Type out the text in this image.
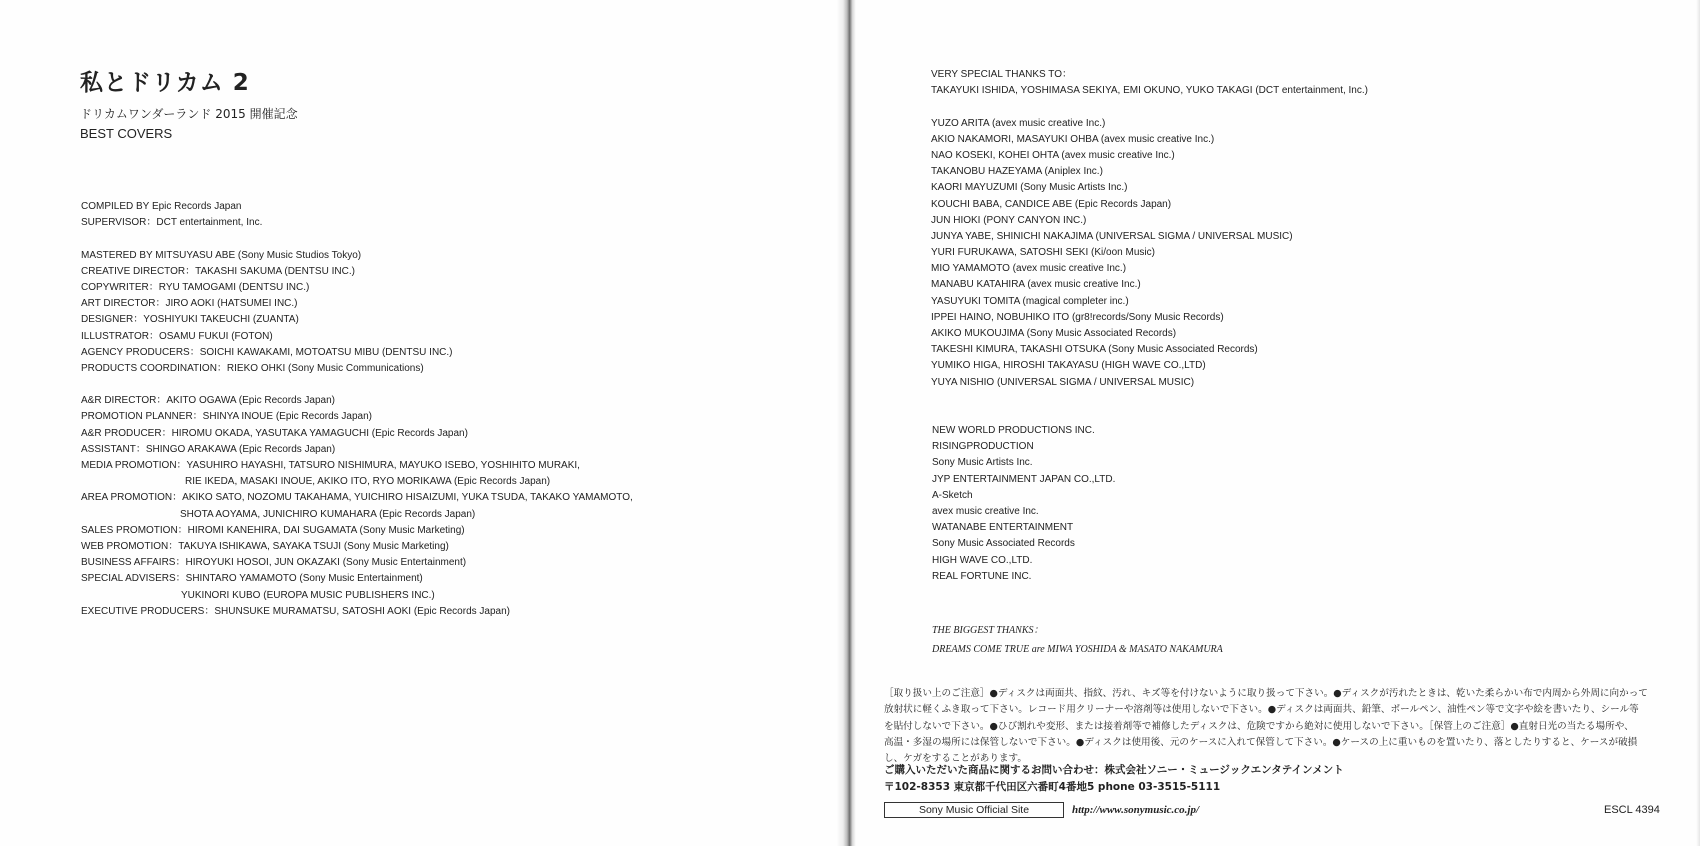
私とドリカム 2
ドリカムワンダーランド 2015 開催記念
BEST COVERS
COMPILED BY Epic Records Japan
SUPERVISOR：DCT entertainment, Inc.
MASTERED BY MITSUYASU ABE (Sony Music Studios Tokyo)
CREATIVE DIRECTOR：TAKASHI SAKUMA (DENTSU INC.)
COPYWRITER：RYU TAMOGAMI (DENTSU INC.)
ART DIRECTOR：JIRO AOKI (HATSUMEI INC.)
DESIGNER：YOSHIYUKI TAKEUCHI (ZUANTA)
ILLUSTRATOR：OSAMU FUKUI (FOTON)
AGENCY PRODUCERS：SOICHI KAWAKAMI, MOTOATSU MIBU (DENTSU INC.)
PRODUCTS COORDINATION：RIEKO OHKI (Sony Music Communications)
A&R DIRECTOR：AKITO OGAWA (Epic Records Japan)
PROMOTION PLANNER：SHINYA INOUE (Epic Records Japan)
A&R PRODUCER：HIROMU OKADA, YASUTAKA YAMAGUCHI (Epic Records Japan)
ASSISTANT：SHINGO ARAKAWA (Epic Records Japan)
MEDIA PROMOTION：YASUHIRO HAYASHI, TATSURO NISHIMURA, MAYUKO ISEBO, YOSHIHITO MURAKI,
RIE IKEDA, MASAKI INOUE, AKIKO ITO, RYO MORIKAWA (Epic Records Japan)
AREA PROMOTION：AKIKO SATO, NOZOMU TAKAHAMA, YUICHIRO HISAIZUMI, YUKA TSUDA, TAKAKO YAMAMOTO,
SHOTA AOYAMA, JUNICHIRO KUMAHARA (Epic Records Japan)
SALES PROMOTION：HIROMI KANEHIRA, DAI SUGAMATA (Sony Music Marketing)
WEB PROMOTION：TAKUYA ISHIKAWA, SAYAKA TSUJI (Sony Music Marketing)
BUSINESS AFFAIRS：HIROYUKI HOSOI, JUN OKAZAKI (Sony Music Entertainment)
SPECIAL ADVISERS：SHINTARO YAMAMOTO (Sony Music Entertainment)
YUKINORI KUBO (EUROPA MUSIC PUBLISHERS INC.)
EXECUTIVE PRODUCERS：SHUNSUKE MURAMATSU, SATOSHI AOKI (Epic Records Japan)
VERY SPECIAL THANKS TO：
TAKAYUKI ISHIDA, YOSHIMASA SEKIYA, EMI OKUNO, YUKO TAKAGI (DCT entertainment, Inc.)
YUZO ARITA (avex music creative Inc.)
AKIO NAKAMORI, MASAYUKI OHBA (avex music creative Inc.)
NAO KOSEKI, KOHEI OHTA (avex music creative Inc.)
TAKANOBU HAZEYAMA (Aniplex Inc.)
KAORI MAYUZUMI (Sony Music Artists Inc.)
KOUCHI BABA, CANDICE ABE (Epic Records Japan)
JUN HIOKI (PONY CANYON INC.)
JUNYA YABE, SHINICHI NAKAJIMA (UNIVERSAL SIGMA / UNIVERSAL MUSIC)
YURI FURUKAWA, SATOSHI SEKI (Ki/oon Music)
MIO YAMAMOTO (avex music creative Inc.)
MANABU KATAHIRA (avex music creative Inc.)
YASUYUKI TOMITA (magical completer inc.)
IPPEI HAINO, NOBUHIKO ITO (gr8!records/Sony Music Records)
AKIKO MUKOUJIMA (Sony Music Associated Records)
TAKESHI KIMURA, TAKASHI OTSUKA (Sony Music Associated Records)
YUMIKO HIGA, HIROSHI TAKAYASU (HIGH WAVE CO.,LTD)
YUYA NISHIO (UNIVERSAL SIGMA / UNIVERSAL MUSIC)
NEW WORLD PRODUCTIONS INC.
RISINGPRODUCTION
Sony Music Artists Inc.
JYP ENTERTAINMENT JAPAN CO.,LTD.
A-Sketch
avex music creative Inc.
WATANABE ENTERTAINMENT
Sony Music Associated Records
HIGH WAVE CO.,LTD.
REAL FORTUNE INC.
THE BIGGEST THANKS：
DREAMS COME TRUE are MIWA YOSHIDA & MASATO NAKAMURA
［取り扱い上のご注意］●ディスクは両面共、指紋、汚れ、キズ等を付けないように取り扱って下さい。●ディスクが汚れたときは、乾いた柔らかい布で内周から外周に向かって
放射状に軽くふき取って下さい。レコード用クリーナーや溶剤等は使用しないで下さい。●ディスクは両面共、鉛筆、ボールペン、油性ペン等で文字や絵を書いたり、シール等
を貼付しないで下さい。●ひび割れや変形、または接着剤等で補修したディスクは、危険ですから絶対に使用しないで下さい。［保管上のご注意］●直射日光の当たる場所や、
高温・多湿の場所には保管しないで下さい。●ディスクは使用後、元のケースに入れて保管して下さい。●ケースの上に重いものを置いたり、落としたりすると、ケースが破損
し、ケガをすることがあります。
ご購入いただいた商品に関するお問い合わせ：株式会社ソニー・ミュージックエンタテインメント
〒102-8353 東京都千代田区六番町4番地5 phone 03-3515-5111
Sony Music Official Site	http://www.sonymusic.co.jp/	ESCL 4394
